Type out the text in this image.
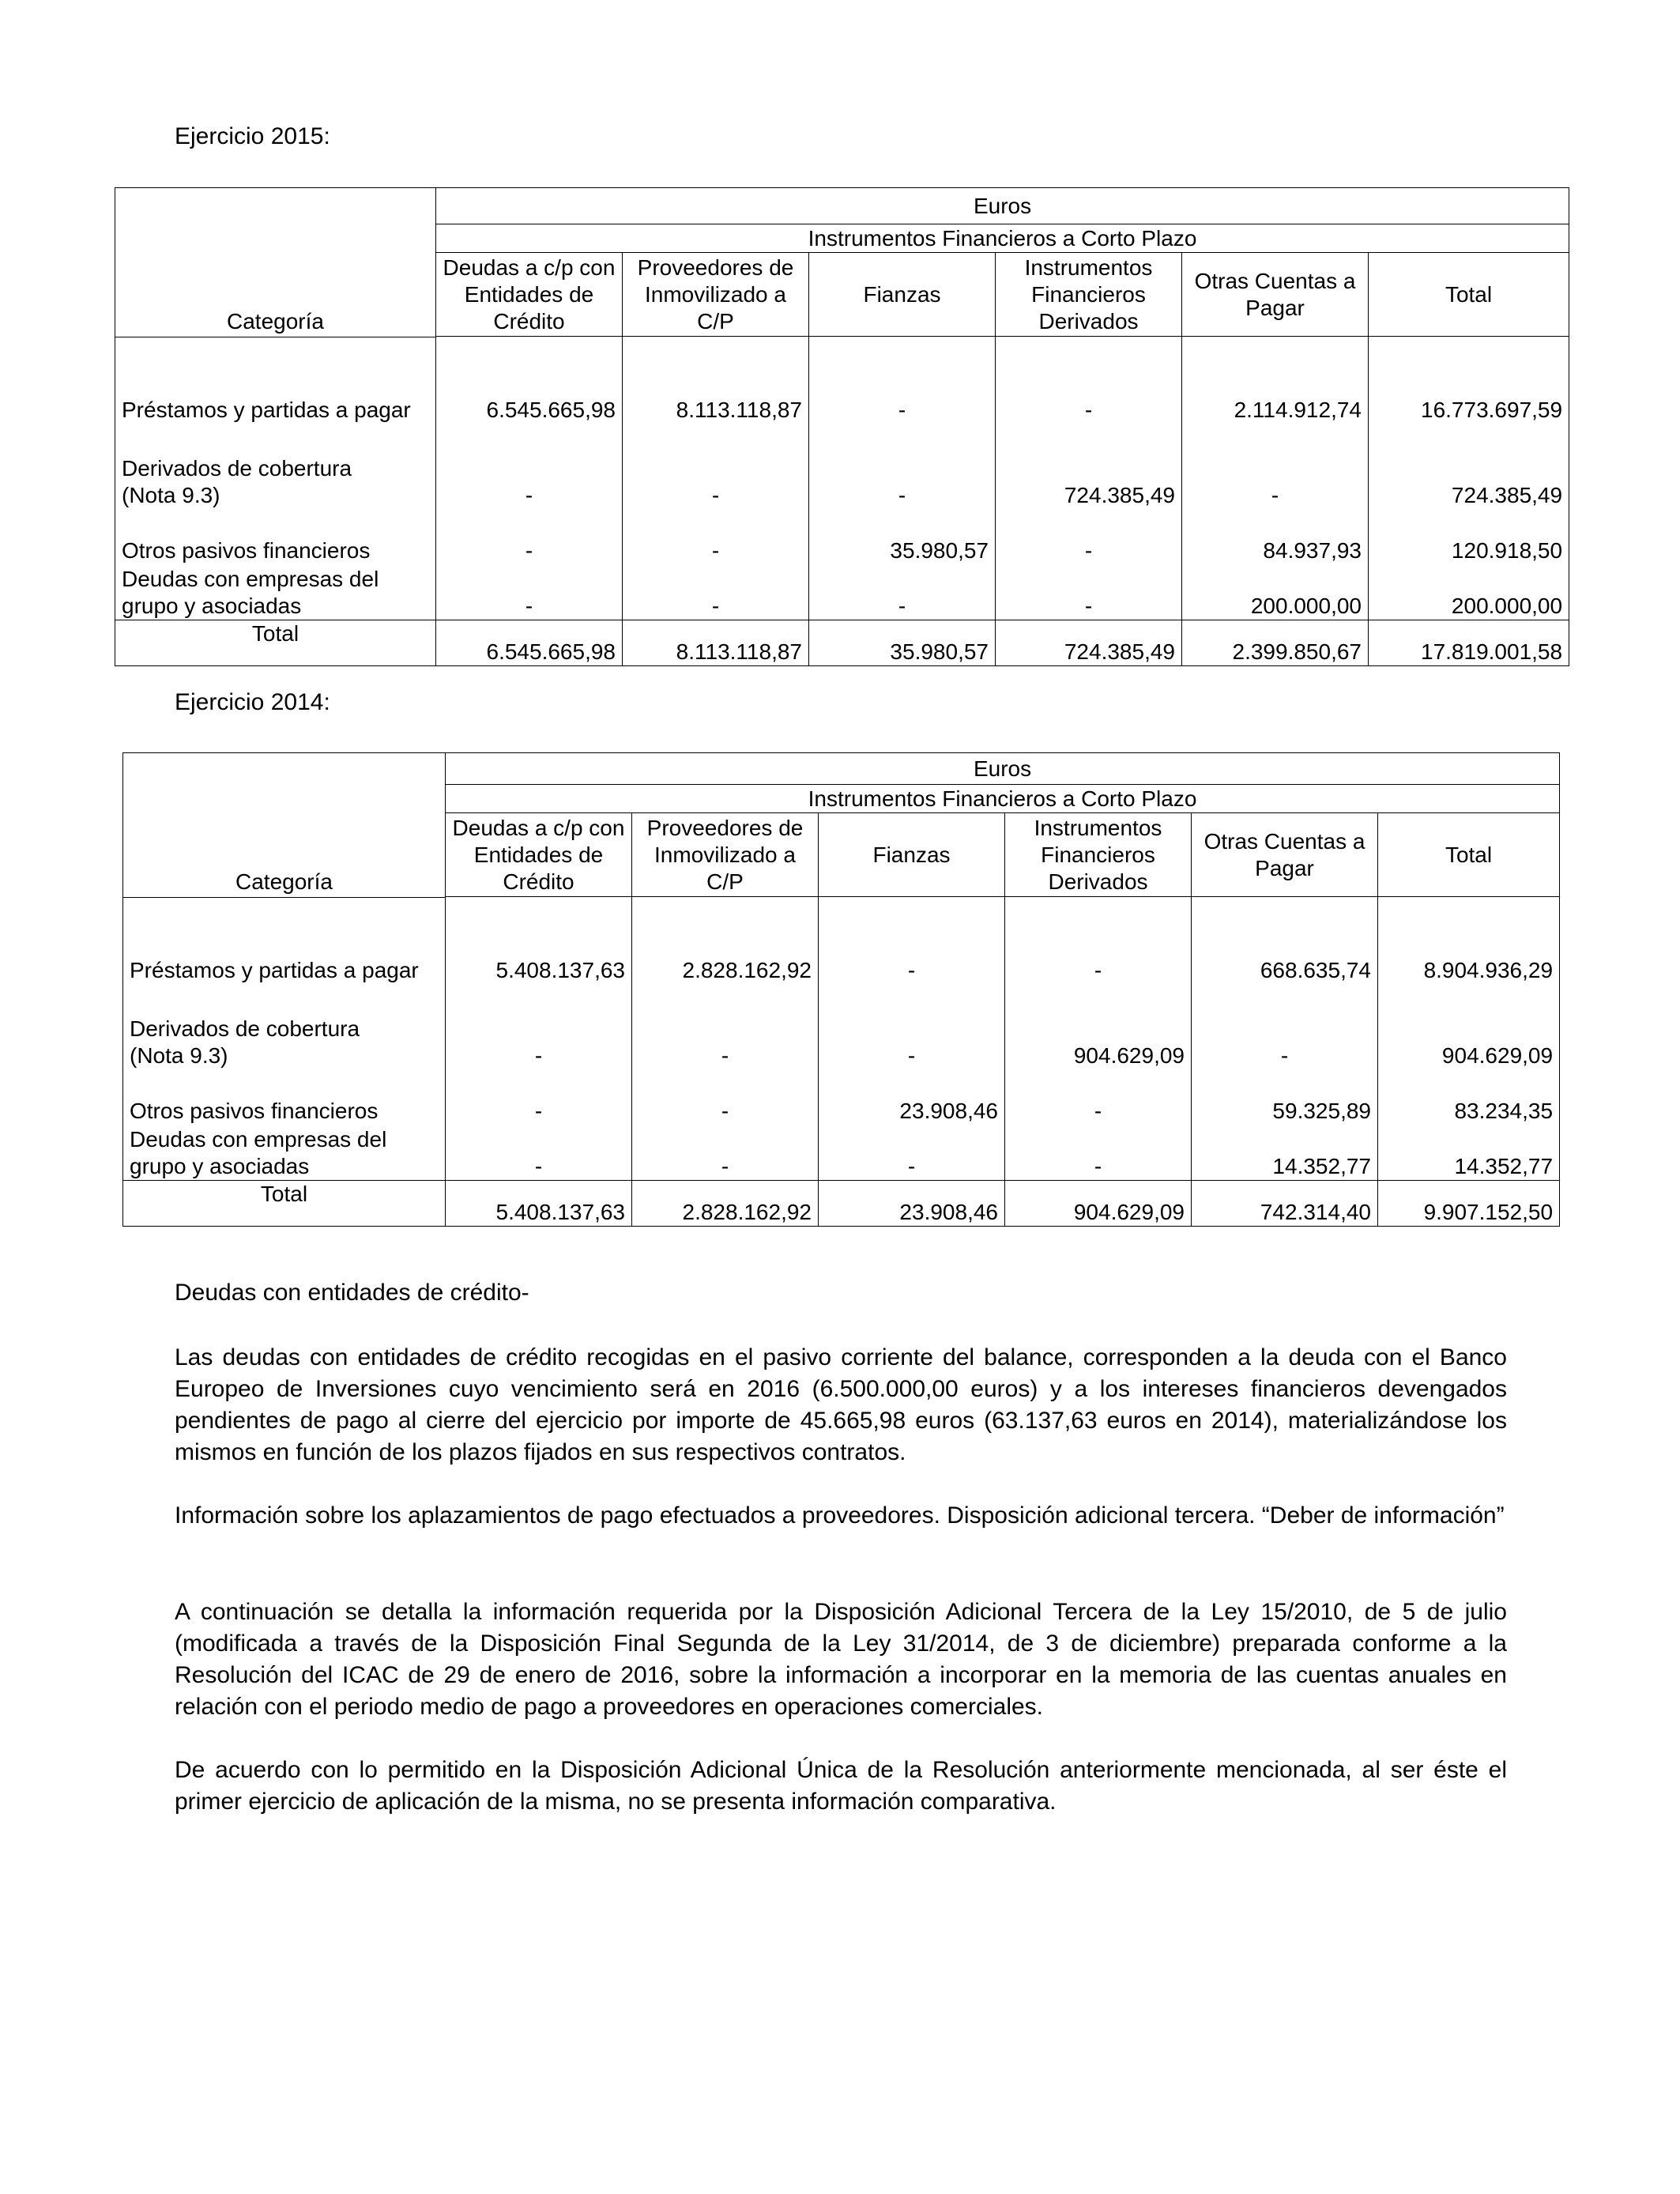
Ejercicio 2015:
	Euros					
	Instrumentos Financieros a Corto Plazo					
	Deudas a c/p con Entidades de Crédito	Proveedores de Inmovilizado a C/P	Fianzas	Instrumentos Financieros Derivados	Otras Cuentas a Pagar	Total

Categoría						

Préstamos y partidas a pagar	6.545.665,98	8.113.118,87	-	-	2.114.912,74	16.773.697,59

Derivados de cobertura
(Nota 9.3)	-	-	-	724.385,49	-	724.385,49
Otros pasivos financieros	-	-	35.980,57	-	84.937,93	120.918,50

Deudas con empresas del
grupo y asociadas	-	-	-	-	200.000,00	200.000,00
Total	6.545.665,98	8.113.118,87	35.980,57	724.385,49	2.399.850,67	17.819.001,58
Ejercicio 2014:
	Euros					
	Instrumentos Financieros a Corto Plazo					
	Deudas a c/p con Entidades de Crédito	Proveedores de Inmovilizado a C/P	Fianzas	Instrumentos Financieros Derivados	Otras Cuentas a Pagar	Total

Categoría						

Préstamos y partidas a pagar	5.408.137,63	2.828.162,92	-	-	668.635,74	8.904.936,29

Derivados de cobertura
(Nota 9.3)	-	-	-	904.629,09	-	904.629,09
Otros pasivos financieros	-	-	23.908,46	-	59.325,89	83.234,35

Deudas con empresas del
grupo y asociadas	-	-	-	-	14.352,77	14.352,77
Total	5.408.137,63	2.828.162,92	23.908,46	904.629,09	742.314,40	9.907.152,50
Deudas con entidades de crédito-

Las deudas con entidades de crédito recogidas en el pasivo corriente del balance, corresponden a la deuda con el Banco Europeo de Inversiones cuyo vencimiento será en 2016 (6.500.000,00 euros) y a los intereses financieros devengados pendientes de pago al cierre del ejercicio por importe de 45.665,98 euros (63.137,63 euros en 2014), materializándose los mismos en función de los plazos fijados en sus respectivos contratos.

Información sobre los aplazamientos de pago efectuados a proveedores. Disposición adicional tercera. “Deber de información”

A continuación se detalla la información requerida por la Disposición Adicional Tercera de la Ley 15/2010, de 5 de julio (modificada a través de la Disposición Final Segunda de la Ley 31/2014, de 3 de diciembre) preparada conforme a la Resolución del ICAC de 29 de enero de 2016, sobre la información a incorporar en la memoria de las cuentas anuales en relación con el periodo medio de pago a proveedores en operaciones comerciales.

De acuerdo con lo permitido en la Disposición Adicional Única de la Resolución anteriormente mencionada, al ser éste el primer ejercicio de aplicación de la misma, no se presenta información comparativa.
